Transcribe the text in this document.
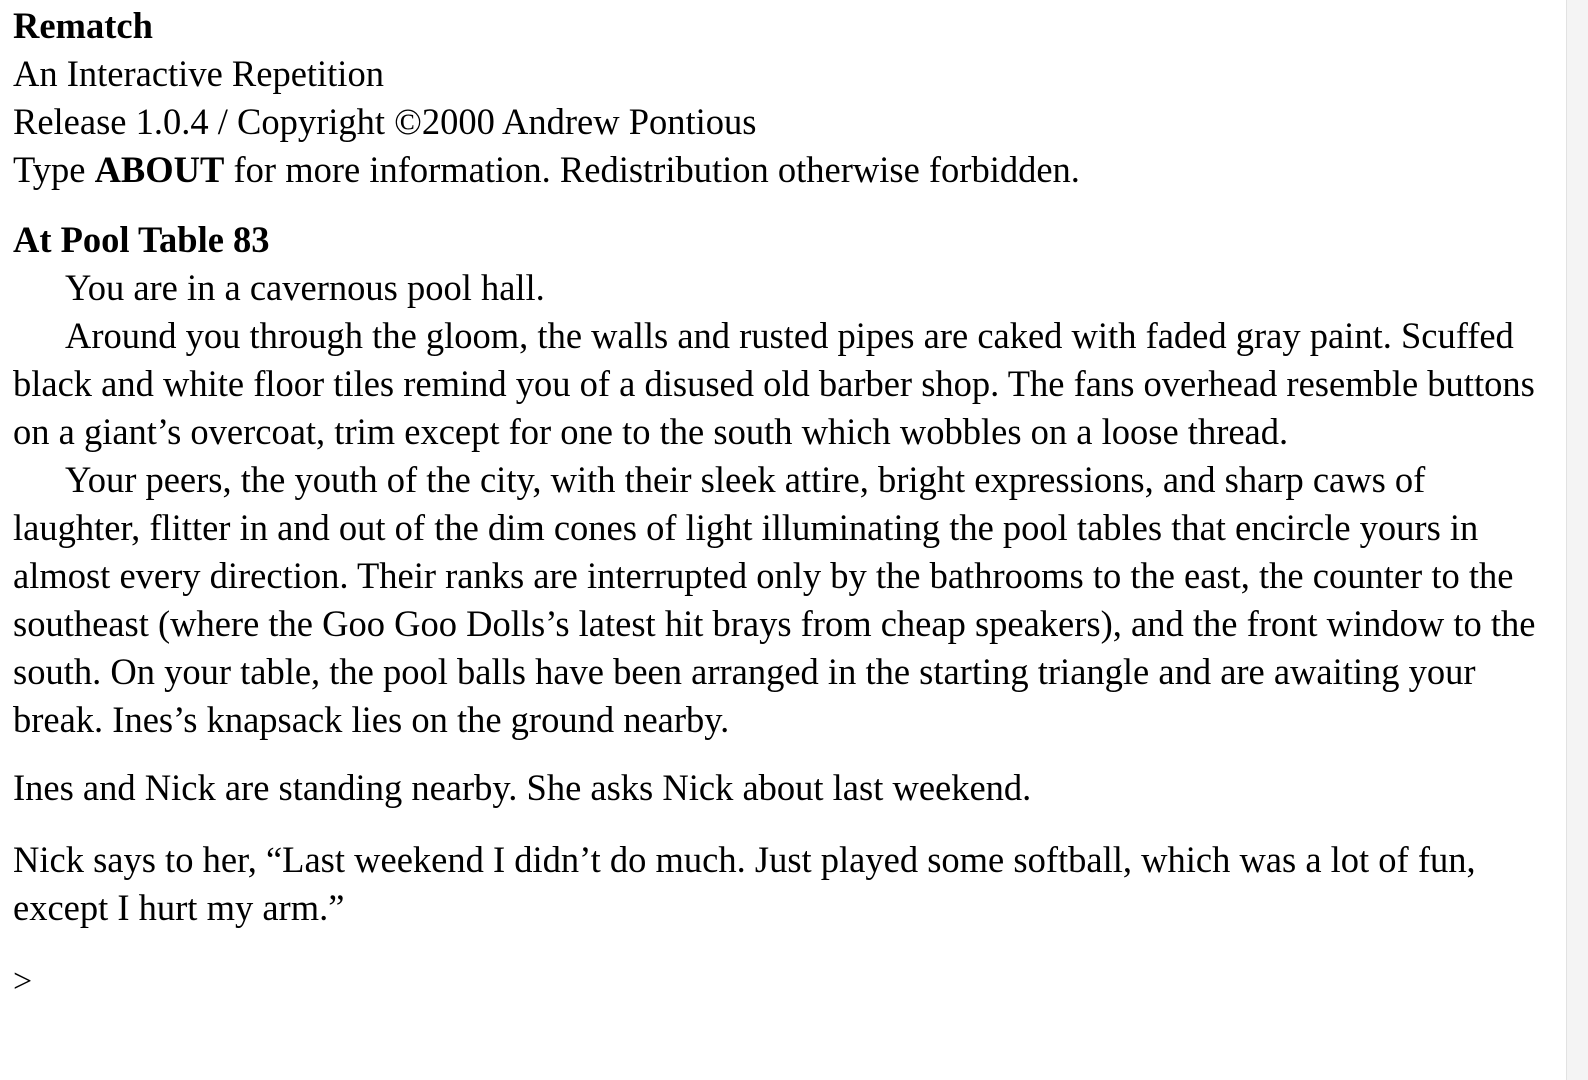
Rematch
An Interactive Repetition
Release 1.0.4 / Copyright ©2000 Andrew Pontious
Type ABOUT for more information. Redistribution otherwise forbidden.
At Pool Table 83

You are in a cavernous pool hall.

Around you through the gloom, the walls and rusted pipes are caked with faded gray paint. Scuffed black and white floor tiles remind you of a disused old barber shop. The fans overhead resemble buttons on a giant’s overcoat, trim except for one to the south which wobbles on a loose thread.

Your peers, the youth of the city, with their sleek attire, bright expressions, and sharp caws of laughter, flitter in and out of the dim cones of light illuminating the pool tables that encircle yours in almost every direction. Their ranks are interrupted only by the bathrooms to the east, the counter to the southeast (where the Goo Goo Dolls’s latest hit brays from cheap speakers), and the front window to the south. On your table, the pool balls have been arranged in the starting triangle and are awaiting your break. Ines’s knapsack lies on the ground nearby.

Ines and Nick are standing nearby. She asks Nick about last weekend.
Nick says to her, “Last weekend I didn’t do much. Just played some softball, which was a lot of fun, except I hurt my arm.”
>
